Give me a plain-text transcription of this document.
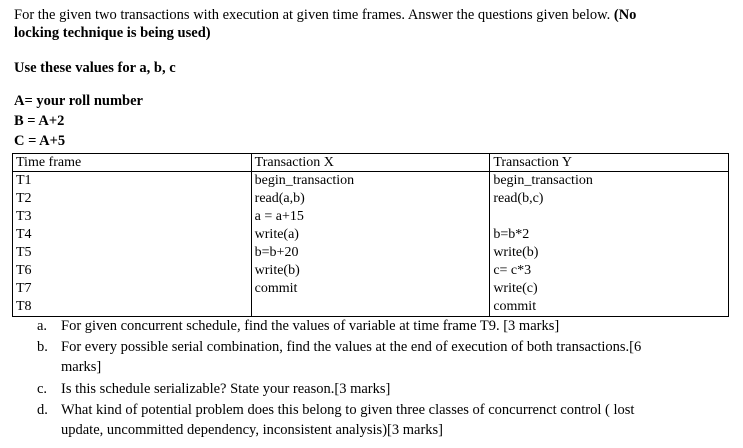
For the given two transactions with execution at given time frames. Answer the questions given below. (No
locking technique is being used)
Use these values for a, b, c
A= your roll number
B = A+2
C = A+5
Time frame	Transaction X	Transaction Y
T1	begin_transaction	begin_transaction
T2	read(a,b)	read(b,c)
T3	a = a+15	
T4	write(a)	b=b*2
T5	b=b+20	write(b)
T6	write(b)	c= c*3
T7	commit	write(c)
T8		commit
a. For given concurrent schedule, find the values of variable at time frame T9. [3 marks]
b. For every possible serial combination, find the values at the end of execution of both transactions.[6
marks]
c. Is this schedule serializable? State your reason.[3 marks]
d. What kind of potential problem does this belong to given three classes of concurrenct control ( lost
update, uncommitted dependency, inconsistent analysis)[3 marks]
